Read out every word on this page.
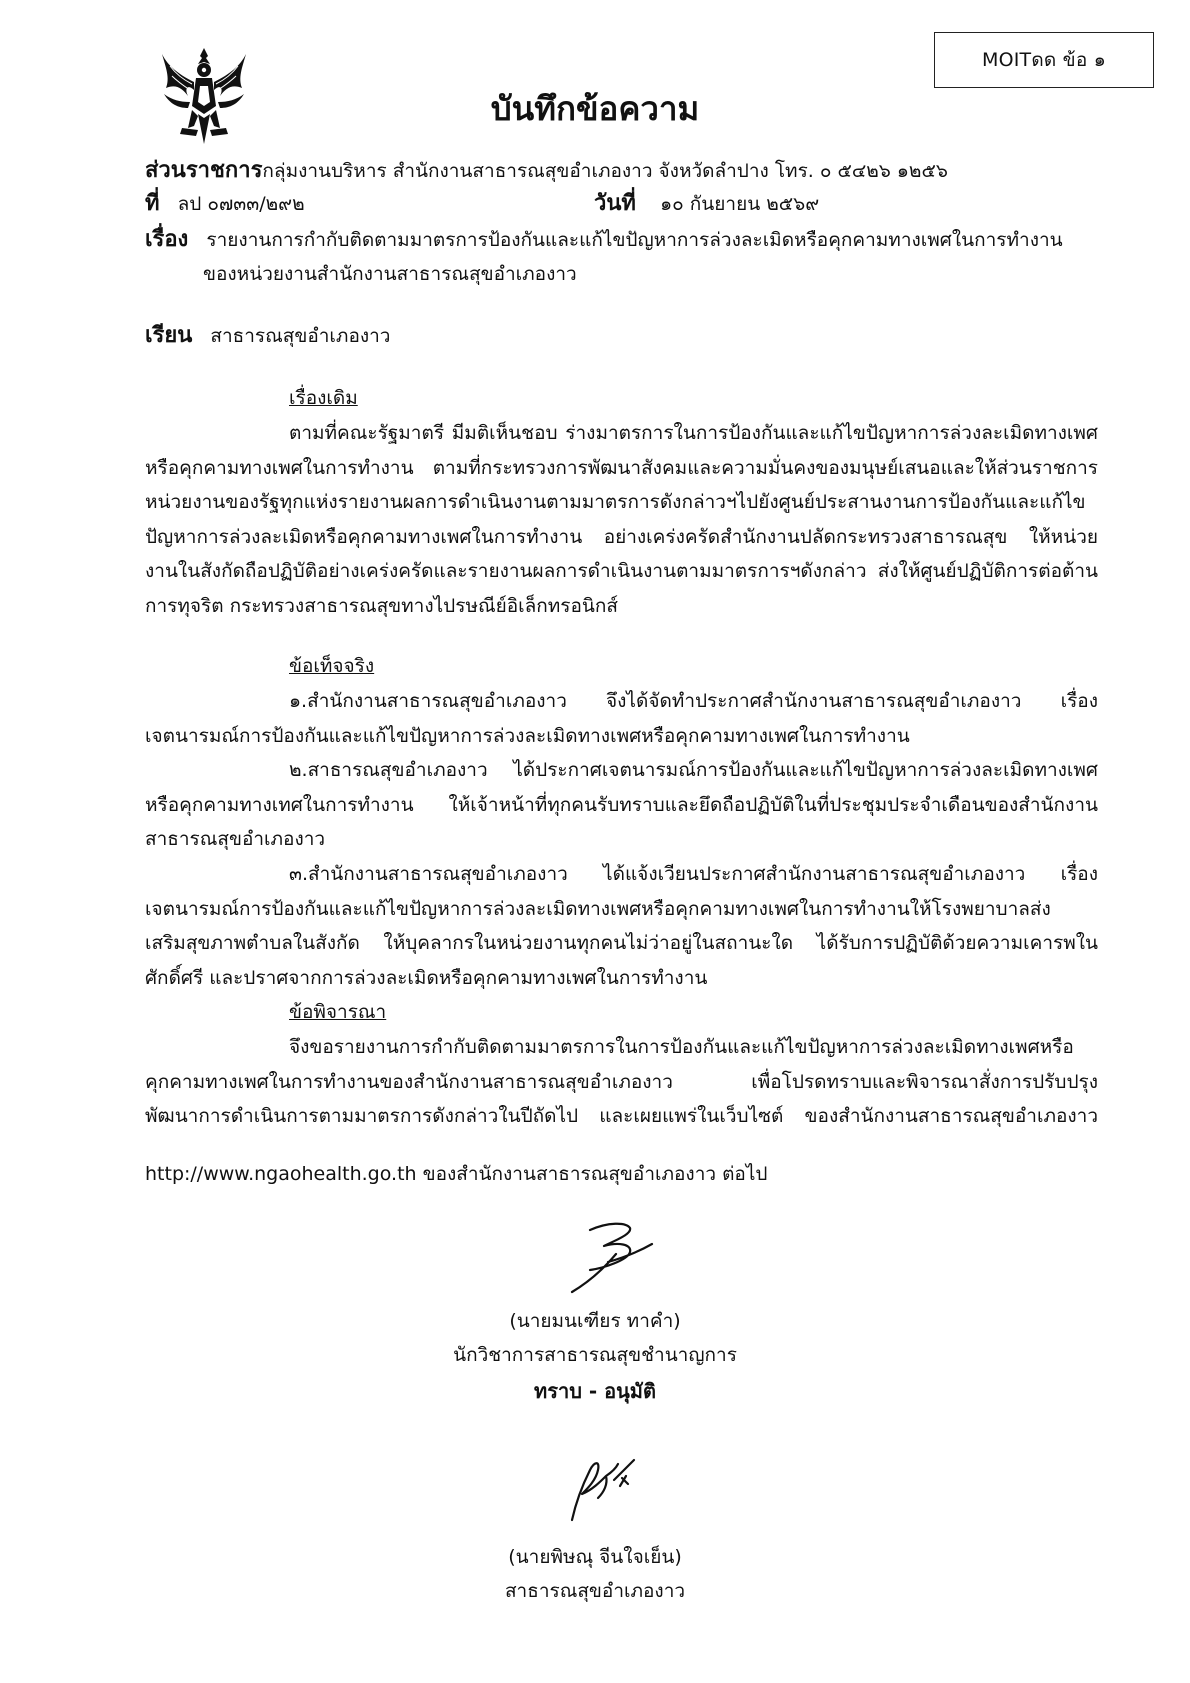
MOITดด ข้อ ๑
บันทึกข้อความ
ส่วนราชการกลุ่มงานบริหาร สำนักงานสาธารณสุขอำเภองาว จังหวัดลำปาง โทร. ๐ ๕๔๒๖ ๑๒๕๖
ที่ ลป ๐๗๓๓/๒๙๒	วันที่ ๑๐ กันยายน ๒๕๖๙
เรื่อง รายงานการกำกับติดตามมาตรการป้องกันและแก้ไขปัญหาการล่วงละเมิดหรือคุกคามทางเพศในการทำงาน
ของหน่วยงานสำนักงานสาธารณสุขอำเภองาว
เรียน สาธารณสุขอำเภองาว
เรื่องเดิม
ตามที่คณะรัฐมาตรี มีมติเห็นชอบ ร่างมาตรการในการป้องกันและแก้ไขปัญหาการล่วงละเมิดทางเพศหรือคุกคามทางเพศในการทำงาน ตามที่กระทรวงการพัฒนาสังคมและความมั่นคงของมนุษย์เสนอและให้ส่วนราชการ หน่วยงานของรัฐทุกแห่งรายงานผลการดำเนินงานตามมาตรการดังกล่าวฯไปยังศูนย์ประสานงานการป้องกันและแก้ไขปัญหาการล่วงละเมิดหรือคุกคามทางเพศในการทำงาน อย่างเคร่งครัดสำนักงานปลัดกระทรวงสาธารณสุข ให้หน่วยงานในสังกัดถือปฏิบัติอย่างเคร่งครัดและรายงานผลการดำเนินงานตามมาตรการฯดังกล่าว ส่งให้ศูนย์ปฏิบัติการต่อต้านการทุจริต กระทรวงสาธารณสุขทางไปรษณีย์อิเล็กทรอนิกส์
ข้อเท็จจริง
๑.สำนักงานสาธารณสุขอำเภองาว จึงได้จัดทำประกาศสำนักงานสาธารณสุขอำเภองาว เรื่องเจตนารมณ์การป้องกันและแก้ไขปัญหาการล่วงละเมิดทางเพศหรือคุกคามทางเพศในการทำงาน
๒.สาธารณสุขอำเภองาว ได้ประกาศเจตนารมณ์การป้องกันและแก้ไขปัญหาการล่วงละเมิดทางเพศหรือคุกคามทางเทศในการทำงาน ให้เจ้าหน้าที่ทุกคนรับทราบและยึดถือปฏิบัติในที่ประชุมประจำเดือนของสำนักงานสาธารณสุขอำเภองาว
๓.สำนักงานสาธารณสุขอำเภองาว ได้แจ้งเวียนประกาศสำนักงานสาธารณสุขอำเภองาว เรื่องเจตนารมณ์การป้องกันและแก้ไขปัญหาการล่วงละเมิดทางเพศหรือคุกคามทางเพศในการทำงานให้โรงพยาบาลส่งเสริมสุขภาพตำบลในสังกัด ให้บุคลากรในหน่วยงานทุกคนไม่ว่าอยู่ในสถานะใด ได้รับการปฏิบัติด้วยความเคารพในศักดิ์ศรี และปราศจากการล่วงละเมิดหรือคุกคามทางเพศในการทำงาน
ข้อพิจารณา
จึงขอรายงานการกำกับติดตามมาตรการในการป้องกันและแก้ไขปัญหาการล่วงละเมิดทางเพศหรือคุกคามทางเพศในการทำงานของสำนักงานสาธารณสุขอำเภองาว เพื่อโปรดทราบและพิจารณาสั่งการปรับปรุงพัฒนาการดำเนินการตามมาตรการดังกล่าวในปีถัดไป และเผยแพร่ในเว็บไซต์ ของสำนักงานสาธารณสุขอำเภองาว
http://www.ngaohealth.go.th ของสำนักงานสาธารณสุขอำเภองาว ต่อไป
(นายมนเฑียร ทาคำ)
นักวิชาการสาธารณสุขชำนาญการ
ทราบ - อนุมัติ
(นายพิษณุ จีนใจเย็น)
สาธารณสุขอำเภองาว
